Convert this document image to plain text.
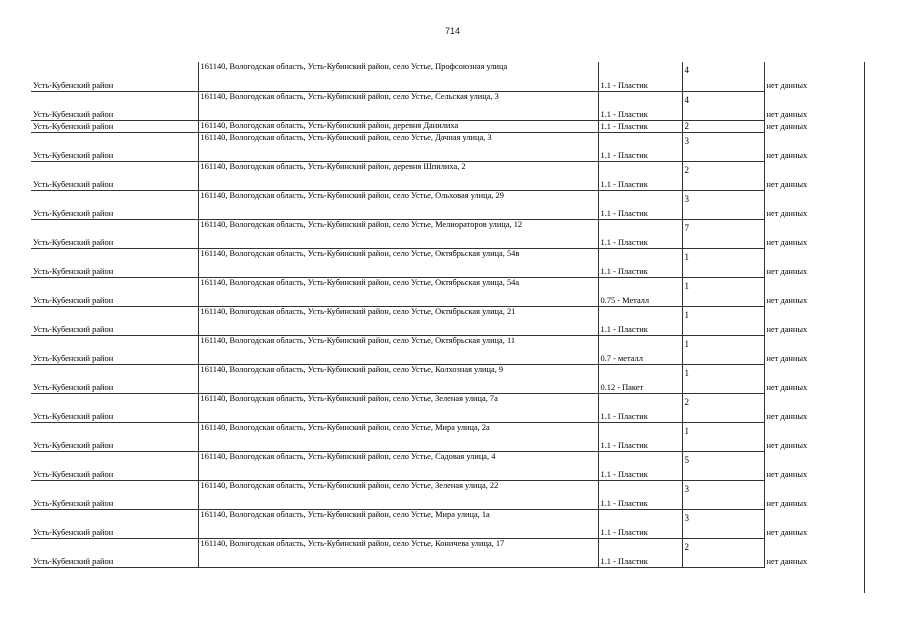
714
Усть-Кубенский район	161140, Вологодская область, Усть-Кубинский район, село Устье, Профсоюзная улица	1.1 - Пластик	4	нет данных
Усть-Кубенский район	161140, Вологодская область, Усть-Кубинский район, село Устье, Сельская улица, 3	1.1 - Пластик	4	нет данных
Усть-Кубенский район	161140, Вологодская область, Усть-Кубинский район, деревня Данилиха	1.1 - Пластик	2	нет данных
Усть-Кубенский район	161140, Вологодская область, Усть-Кубинский район, село Устье, Дачная улица, 3	1.1 - Пластик	3	нет данных
Усть-Кубенский район	161140, Вологодская область, Усть-Кубинский район, деревня Шпилиха, 2	1.1 - Пластик	2	нет данных
Усть-Кубенский район	161140, Вологодская область, Усть-Кубинский район, село Устье, Ольховая улица, 29	1.1 - Пластик	3	нет данных
Усть-Кубенский район	161140, Вологодская область, Усть-Кубинский район, село Устье, Мелиораторов улица, 12	1.1 - Пластик	7	нет данных
Усть-Кубенский район	161140, Вологодская область, Усть-Кубинский район, село Устье, Октябрьская улица, 54в	1.1 - Пластик	1	нет данных
Усть-Кубенский район	161140, Вологодская область, Усть-Кубинский район, село Устье, Октябрьская улица, 54а	0.75 - Металл	1	нет данных
Усть-Кубенский район	161140, Вологодская область, Усть-Кубинский район, село Устье, Октябрьская улица, 21	1.1 - Пластик	1	нет данных
Усть-Кубенский район	161140, Вологодская область, Усть-Кубинский район, село Устье, Октябрьская улица, 11	0.7 - металл	1	нет данных
Усть-Кубенский район	161140, Вологодская область, Усть-Кубинский район, село Устье, Колхозная улица, 9	0.12 - Пакет	1	нет данных
Усть-Кубенский район	161140, Вологодская область, Усть-Кубинский район, село Устье, Зеленая улица, 7а	1.1 - Пластик	2	нет данных
Усть-Кубенский район	161140, Вологодская область, Усть-Кубинский район, село Устье, Мира улица, 2а	1.1 - Пластик	1	нет данных
Усть-Кубенский район	161140, Вологодская область, Усть-Кубинский район, село Устье, Садовая улица, 4	1.1 - Пластик	5	нет данных
Усть-Кубенский район	161140, Вологодская область, Усть-Кубинский район, село Устье, Зеленая улица, 22	1.1 - Пластик	3	нет данных
Усть-Кубенский район	161140, Вологодская область, Усть-Кубинский район, село Устье, Мира улица, 1а	1.1 - Пластик	3	нет данных
Усть-Кубенский район	161140, Вологодская область, Усть-Кубинский район, село Устье, Коничева улица, 17	1.1 - Пластик	2	нет данных
